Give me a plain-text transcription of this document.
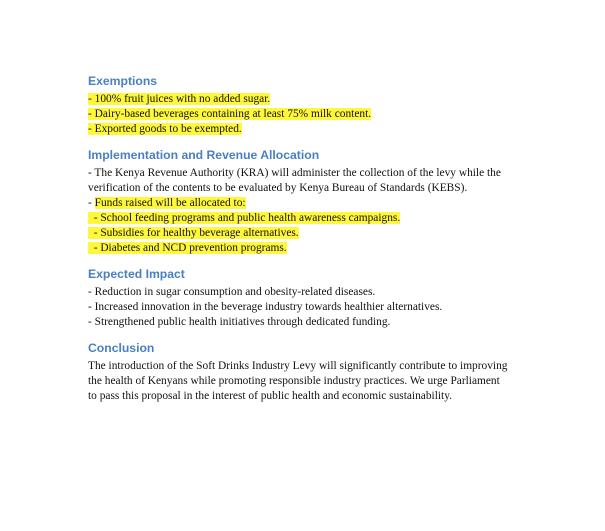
Exemptions
- 100% fruit juices with no added sugar.
- Dairy-based beverages containing at least 75% milk content.
- Exported goods to be exempted.
Implementation and Revenue Allocation
- The Kenya Revenue Authority (KRA) will administer the collection of the levy while the
verification of the contents to be evaluated by Kenya Bureau of Standards (KEBS).
- Funds raised will be allocated to:
- School feeding programs and public health awareness campaigns.
- Subsidies for healthy beverage alternatives.
- Diabetes and NCD prevention programs.
Expected Impact
- Reduction in sugar consumption and obesity-related diseases.
- Increased innovation in the beverage industry towards healthier alternatives.
- Strengthened public health initiatives through dedicated funding.
Conclusion
The introduction of the Soft Drinks Industry Levy will significantly contribute to improving
the health of Kenyans while promoting responsible industry practices. We urge Parliament
to pass this proposal in the interest of public health and economic sustainability.
